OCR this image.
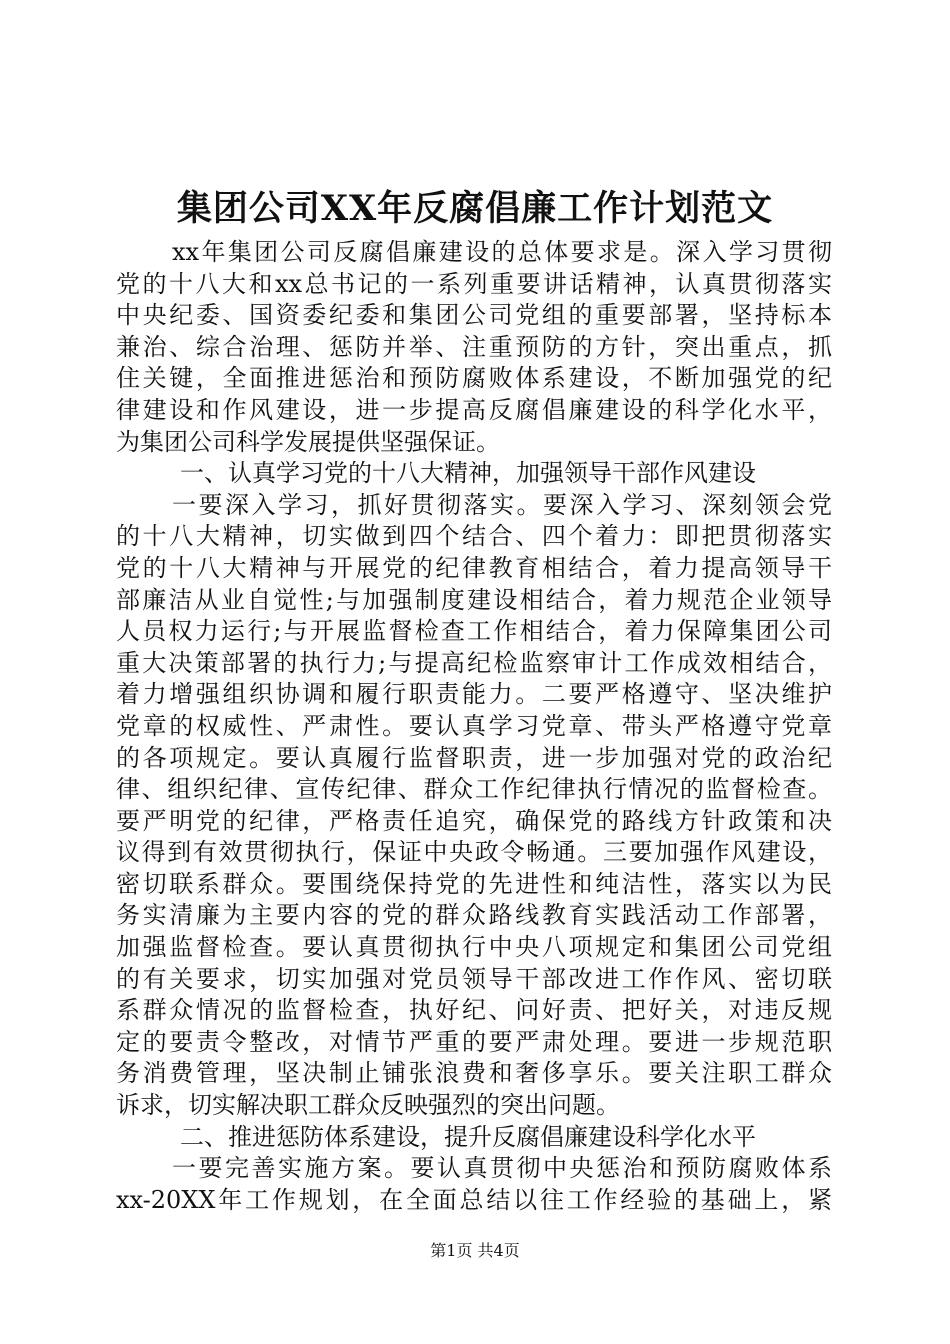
集团公司XX年反腐倡廉工作计划范文
xx年集团公司反腐倡廉建设的总体要求是。深入学习贯彻
党的十八大和xx总书记的一系列重要讲话精神，认真贯彻落实
中央纪委、国资委纪委和集团公司党组的重要部署，坚持标本
兼治、综合治理、惩防并举、注重预防的方针，突出重点，抓
住关键，全面推进惩治和预防腐败体系建设，不断加强党的纪
律建设和作风建设，进一步提高反腐倡廉建设的科学化水平，
为集团公司科学发展提供坚强保证。
一、认真学习党的十八大精神，加强领导干部作风建设
一要深入学习，抓好贯彻落实。要深入学习、深刻领会党
的十八大精神，切实做到四个结合、四个着力：即把贯彻落实
党的十八大精神与开展党的纪律教育相结合，着力提高领导干
部廉洁从业自觉性;与加强制度建设相结合，着力规范企业领导
人员权力运行;与开展监督检查工作相结合，着力保障集团公司
重大决策部署的执行力;与提高纪检监察审计工作成效相结合，
着力增强组织协调和履行职责能力。二要严格遵守、坚决维护
党章的权威性、严肃性。要认真学习党章、带头严格遵守党章
的各项规定。要认真履行监督职责，进一步加强对党的政治纪
律、组织纪律、宣传纪律、群众工作纪律执行情况的监督检查。
要严明党的纪律，严格责任追究，确保党的路线方针政策和决
议得到有效贯彻执行，保证中央政令畅通。三要加强作风建设，
密切联系群众。要围绕保持党的先进性和纯洁性，落实以为民
务实清廉为主要内容的党的群众路线教育实践活动工作部署，
加强监督检查。要认真贯彻执行中央八项规定和集团公司党组
的有关要求，切实加强对党员领导干部改进工作作风、密切联
系群众情况的监督检查，执好纪、问好责、把好关，对违反规
定的要责令整改，对情节严重的要严肃处理。要进一步规范职
务消费管理，坚决制止铺张浪费和奢侈享乐。要关注职工群众
诉求，切实解决职工群众反映强烈的突出问题。
二、推进惩防体系建设，提升反腐倡廉建设科学化水平
一要完善实施方案。要认真贯彻中央惩治和预防腐败体系
xx-20XX年工作规划，在全面总结以往工作经验的基础上，紧
第1页 共4页
